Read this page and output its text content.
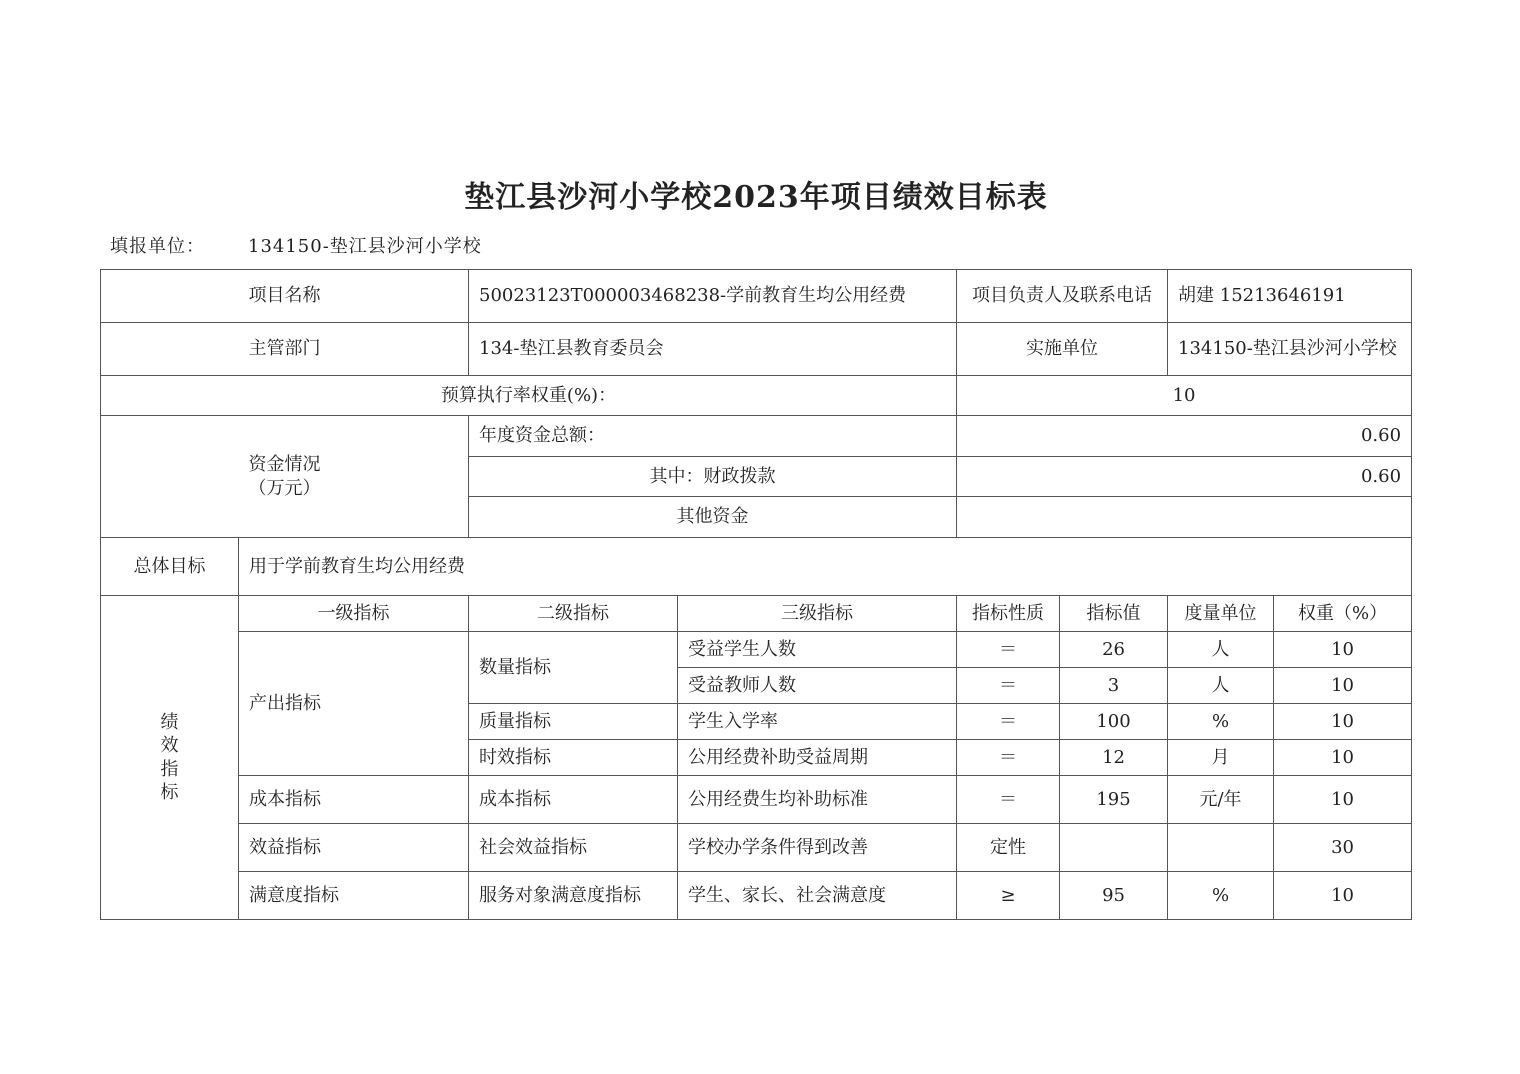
垫江县沙河小学校2023年项目绩效目标表
填报单位： 134150-垫江县沙河小学校
项目名称		50023123T000003468238-学前教育生均公用经费		项目负责人及联系电话		胡建 15213646191	
主管部门		134-垫江县教育委员会		实施单位		134150-垫江县沙河小学校	
预算执行率权重(%)：				10			

资金情况
（万元）		年度资金总额：		0.60			
		其中：财政拨款		0.60			
		其他资金					
总体目标	用于学前教育生均公用经费						

绩
效
指
标	一级指标	二级指标	三级指标	指标性质	指标值	度量单位	权重（%）
	产出指标	数量指标	受益学生人数	＝	26	人	10
			受益教师人数	＝	3	人	10
		质量指标	学生入学率	＝	100	%	10
		时效指标	公用经费补助受益周期	＝	12	月	10
	成本指标	成本指标	公用经费生均补助标准	＝	195	元/年	10
	效益指标	社会效益指标	学校办学条件得到改善	定性			30
	满意度指标	服务对象满意度指标	学生、家长、社会满意度	≥	95	%	10
